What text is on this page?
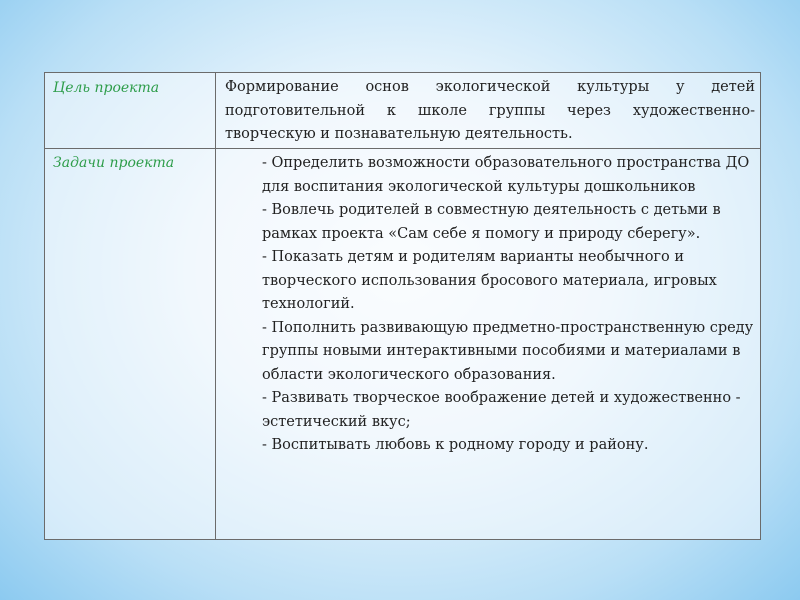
Цель проекта	Формирование основ экологической культуры у детей подготовительной к школе группы через художественно-творческую и познавательную деятельность.
Задачи проекта	- Определить возможности образовательного пространства ДО для воспитания экологической культуры дошкольников

- Вовлечь родителей в совместную деятельность с детьми в рамках проекта «Сам себе я помогу и природу сберегу».

- Показать детям и родителям варианты необычного и творческого использования бросового материала, игровых технологий.

- Пополнить развивающую предметно-пространственную среду группы новыми интерактивными пособиями и материалами в области экологического образования.

- Развивать творческое воображение детей и художественно - эстетический вкус;

- Воспитывать любовь к родному городу и району.
